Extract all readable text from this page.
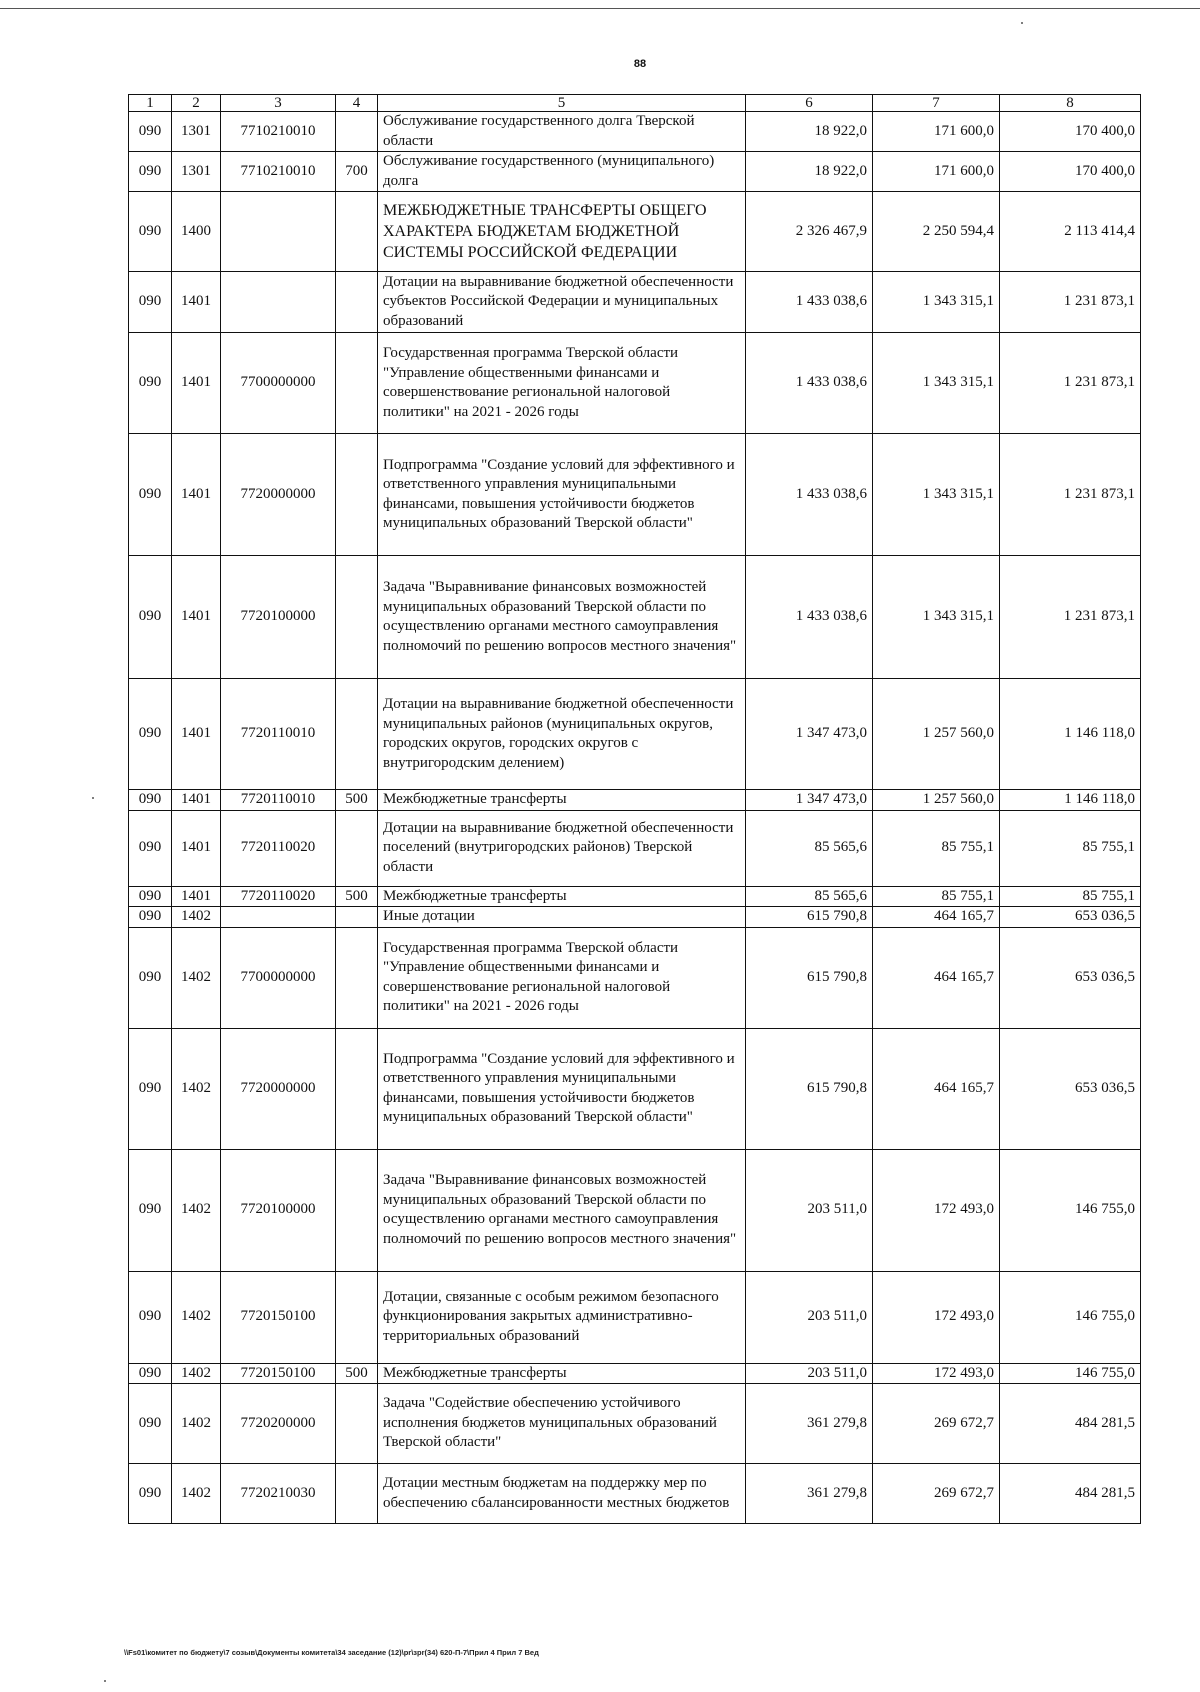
88
1	2	3	4	5	6	7	8
090	1301	7710210010		Обслуживание государственного долга Тверской области	18 922,0	171 600,0	170 400,0
090	1301	7710210010	700	Обслуживание государственного (муниципального) долга	18 922,0	171 600,0	170 400,0
090	1400			МЕЖБЮДЖЕТНЫЕ ТРАНСФЕРТЫ ОБЩЕГО ХАРАКТЕРА БЮДЖЕТАМ БЮДЖЕТНОЙ СИСТЕМЫ РОССИЙСКОЙ ФЕДЕРАЦИИ	2 326 467,9	2 250 594,4	2 113 414,4
090	1401			Дотации на выравнивание бюджетной обеспеченности субъектов Российской Федерации и муниципальных образований	1 433 038,6	1 343 315,1	1 231 873,1
090	1401	7700000000		Государственная программа Тверской области "Управление общественными финансами и совершенствование региональной налоговой политики" на 2021 - 2026 годы	1 433 038,6	1 343 315,1	1 231 873,1
090	1401	7720000000		Подпрограмма "Создание условий для эффективного и ответственного управления муниципальными финансами, повышения устойчивости бюджетов муниципальных образований Тверской области"	1 433 038,6	1 343 315,1	1 231 873,1
090	1401	7720100000		Задача "Выравнивание финансовых возможностей муниципальных образований Тверской области по осуществлению органами местного самоуправления полномочий по решению вопросов местного значения"	1 433 038,6	1 343 315,1	1 231 873,1
090	1401	7720110010		Дотации на выравнивание бюджетной обеспеченности муниципальных районов (муниципальных округов, городских округов, городских округов с внутригородским делением)	1 347 473,0	1 257 560,0	1 146 118,0
090	1401	7720110010	500	Межбюджетные трансферты	1 347 473,0	1 257 560,0	1 146 118,0
090	1401	7720110020		Дотации на выравнивание бюджетной обеспеченности поселений (внутригородских районов) Тверской области	85 565,6	85 755,1	85 755,1
090	1401	7720110020	500	Межбюджетные трансферты	85 565,6	85 755,1	85 755,1
090	1402			Иные дотации	615 790,8	464 165,7	653 036,5
090	1402	7700000000		Государственная программа Тверской области "Управление общественными финансами и совершенствование региональной налоговой политики" на 2021 - 2026 годы	615 790,8	464 165,7	653 036,5
090	1402	7720000000		Подпрограмма "Создание условий для эффективного и ответственного управления муниципальными финансами, повышения устойчивости бюджетов муниципальных образований Тверской области"	615 790,8	464 165,7	653 036,5
090	1402	7720100000		Задача "Выравнивание финансовых возможностей муниципальных образований Тверской области по осуществлению органами местного самоуправления полномочий по решению вопросов местного значения"	203 511,0	172 493,0	146 755,0
090	1402	7720150100		Дотации, связанные с особым режимом безопасного функционирования закрытых административно-территориальных образований	203 511,0	172 493,0	146 755,0
090	1402	7720150100	500	Межбюджетные трансферты	203 511,0	172 493,0	146 755,0
090	1402	7720200000		Задача "Содействие обеспечению устойчивого исполнения бюджетов муниципальных образований Тверской области"	361 279,8	269 672,7	484 281,5
090	1402	7720210030		Дотации местным бюджетам на поддержку мер по обеспечению сбалансированности местных бюджетов	361 279,8	269 672,7	484 281,5
\\Fs01\комитет по бюджету\7 созыв\Документы комитета\34 заседание (12)\pr\зpr(34) 620-П-7\Прил 4 Прил 7 Вед
